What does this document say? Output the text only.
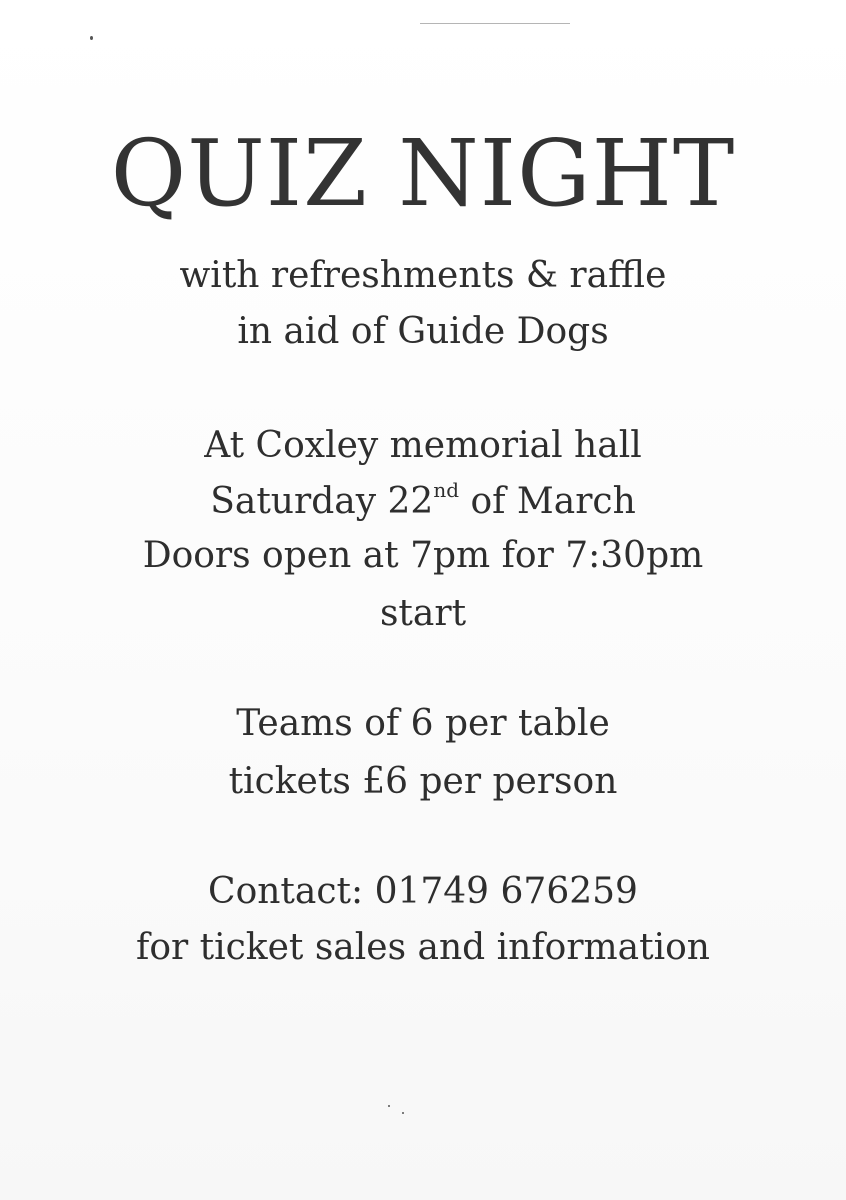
QUIZ NIGHT
with refreshments & raffle
in aid of Guide Dogs
At Coxley memorial hall
Saturday 22nd of March
Doors open at 7pm for 7:30pm
start
Teams of 6 per table
tickets £6 per person
Contact: 01749 676259
for ticket sales and information
